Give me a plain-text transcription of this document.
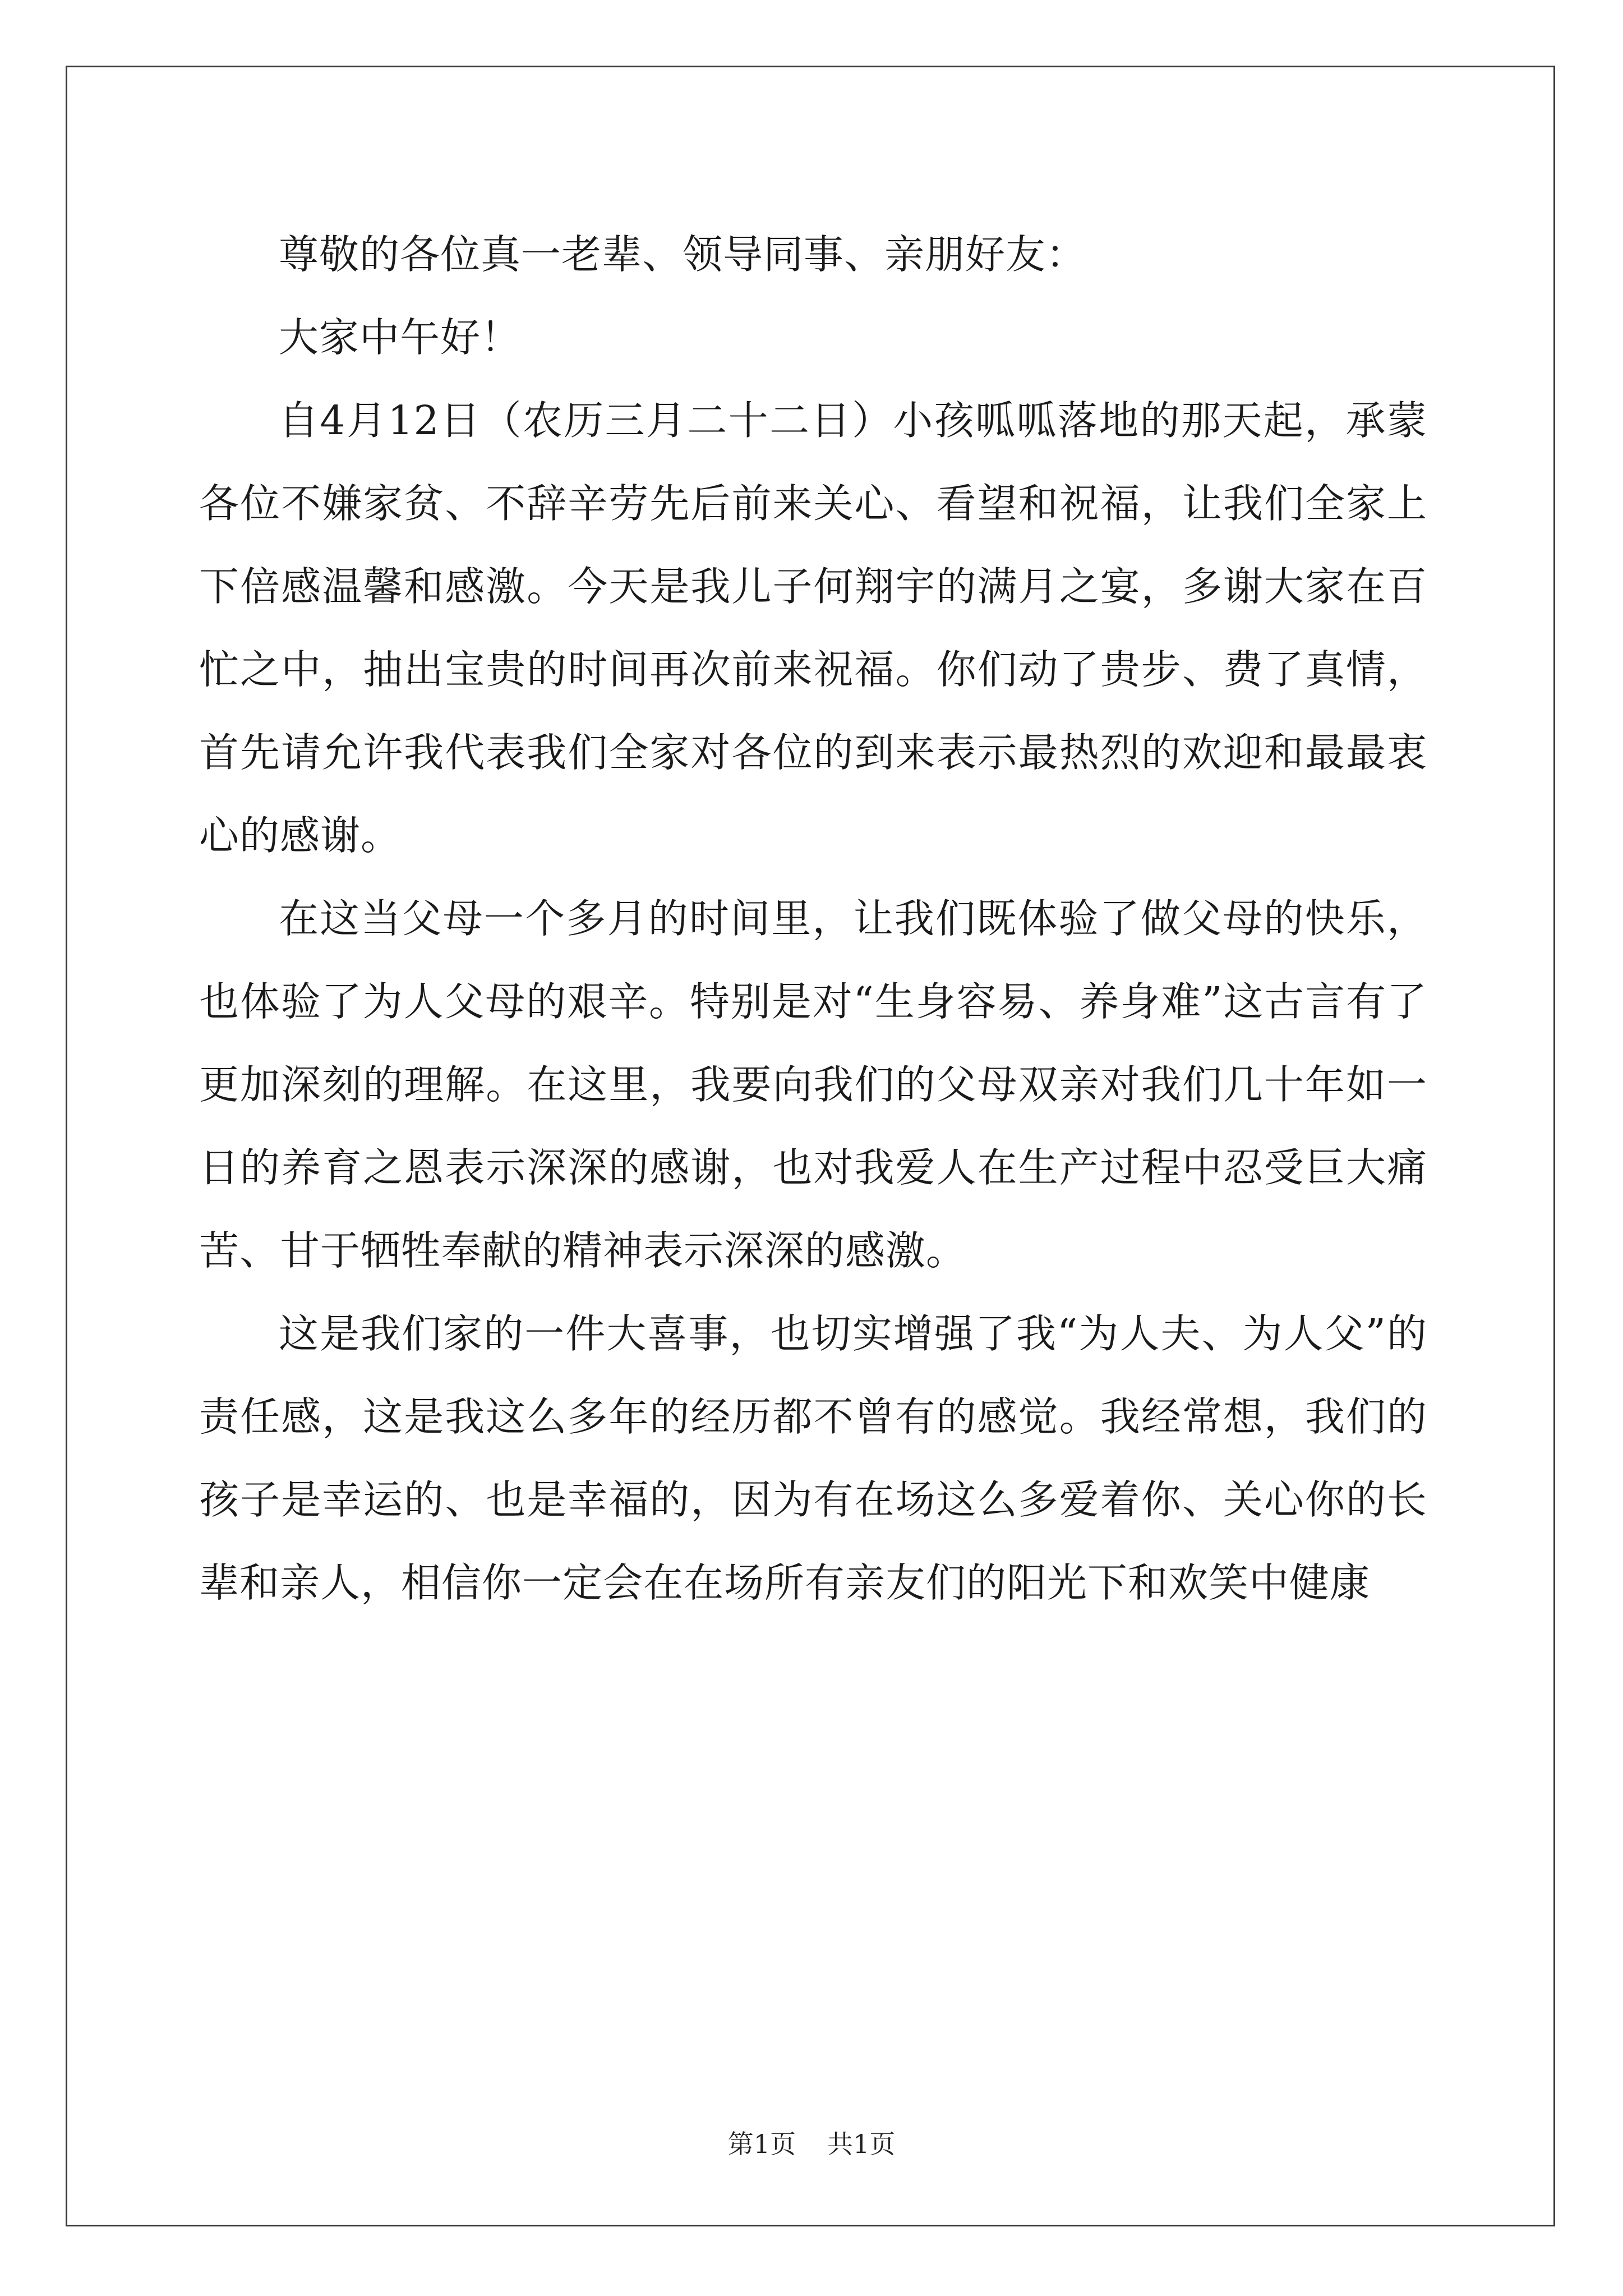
尊敬的各位真一老辈、领导同事、亲朋好友：

大家中午好！

自4月12日（农历三月二十二日）小孩呱呱落地的那天起，承蒙各位不嫌家贫、不辞辛劳先后前来关心、看望和祝福，让我们全家上下倍感温馨和感激。今天是我儿子何翔宇的满月之宴，多谢大家在百忙之中，抽出宝贵的时间再次前来祝福。你们动了贵步、费了真情，首先请允许我代表我们全家对各位的到来表示最热烈的欢迎和最最衷心的感谢。

在这当父母一个多月的时间里，让我们既体验了做父母的快乐，也体验了为人父母的艰辛。特别是对“生身容易、养身难”这古言有了更加深刻的理解。在这里，我要向我们的父母双亲对我们几十年如一日的养育之恩表示深深的感谢，也对我爱人在生产过程中忍受巨大痛苦、甘于牺牲奉献的精神表示深深的感激。

这是我们家的一件大喜事，也切实增强了我“为人夫、为人父”的责任感，这是我这么多年的经历都不曾有的感觉。我经常想，我们的孩子是幸运的、也是幸福的，因为有在场这么多爱着你、关心你的长辈和亲人，相信你一定会在在场所有亲友们的阳光下和欢笑中健康

第1页 共1页
